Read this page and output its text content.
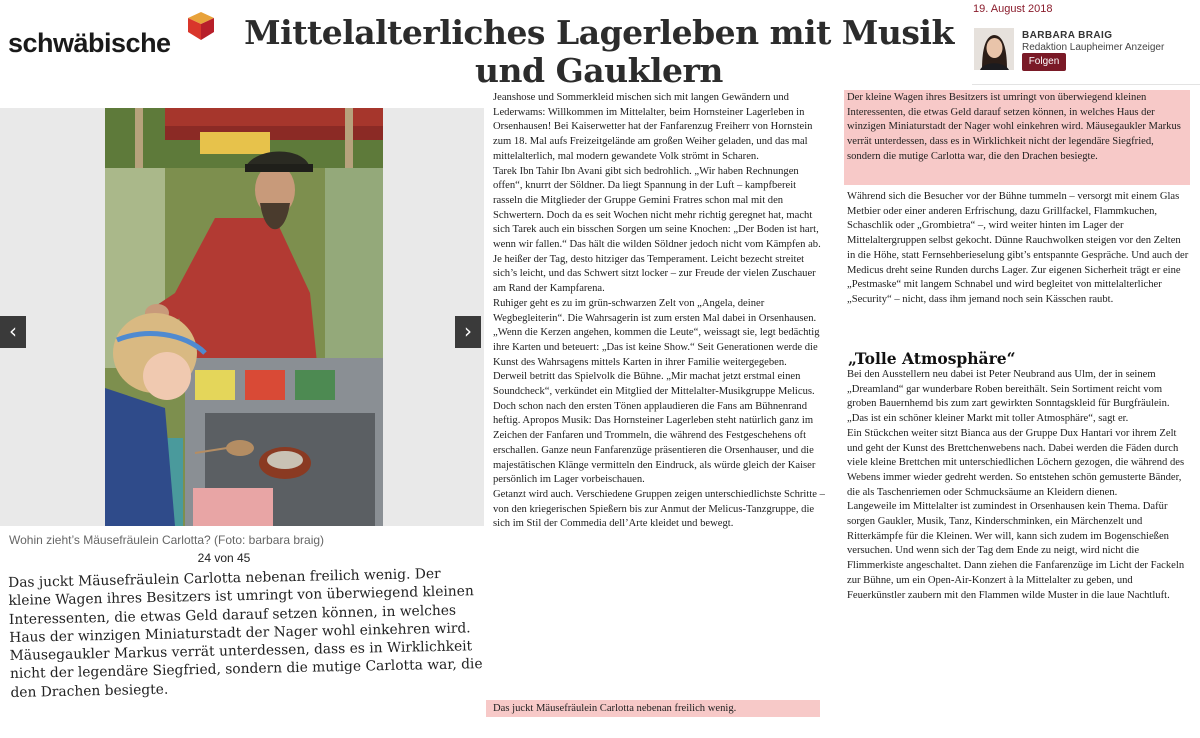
schwäbische Mittelalterliches Lagerleben mit Musik und Gauklern
19. August 2018
BARBARA BRAIG
Redaktion Laupheimer Anzeiger
Folgen
‹	›
Wohin zieht’s Mäusefräulein Carlotta? (Foto: barbara braig)
24 von 45
Das juckt Mäusefräulein Carlotta nebenan freilich wenig. Der kleine Wagen ihres Besitzers ist umringt von überwiegend kleinen Interessenten, die etwas Geld darauf setzen können, in welches Haus der winzigen Miniaturstadt der Nager wohl einkehren wird. Mäusegaukler Markus verrät unterdessen, dass es in Wirklichkeit nicht der legendäre Siegfried, sondern die mutige Carlotta war, die den Drachen besiegte.

Jeanshose und Sommerkleid mischen sich mit langen Gewändern und Lederwams: Willkommen im Mittelalter, beim Hornsteiner Lagerleben in Orsenhausen! Bei Kaiserwetter hat der Fanfarenzug Freiherr von Hornstein zum 18. Mal aufs Freizeitgelände am großen Weiher geladen, und das mal mittelalterlich, mal modern gewandete Volk strömt in Scharen.

Tarek Ibn Tahir Ibn Avani gibt sich bedrohlich. „Wir haben Rechnungen offen“, knurrt der Söldner. Da liegt Spannung in der Luft – kampfbereit rasseln die Mitglieder der Gruppe Gemini Fratres schon mal mit den Schwertern. Doch da es seit Wochen nicht mehr richtig geregnet hat, macht sich Tarek auch ein bisschen Sorgen um seine Knochen: „Der Boden ist hart, wenn wir fallen.“ Das hält die wilden Söldner jedoch nicht vom Kämpfen ab. Je heißer der Tag, desto hitziger das Temperament. Leicht bezecht streitet sich’s leicht, und das Schwert sitzt locker – zur Freude der vielen Zuschauer am Rand der Kampfarena.

Ruhiger geht es zu im grün-schwarzen Zelt von „Angela, deiner Wegbegleiterin“. Die Wahrsagerin ist zum ersten Mal dabei in Orsenhausen. „Wenn die Kerzen angehen, kommen die Leute“, weissagt sie, legt bedächtig ihre Karten und beteuert: „Das ist keine Show.“ Seit Generationen werde die Kunst des Wahrsagens mittels Karten in ihrer Familie weitergegeben.

Derweil betritt das Spielvolk die Bühne. „Mir machat jetzt erstmal einen Soundcheck“, verkündet ein Mitglied der Mittelalter-Musikgruppe Melicus. Doch schon nach den ersten Tönen applaudieren die Fans am Bühnenrand heftig. Apropos Musik: Das Hornsteiner Lagerleben steht natürlich ganz im Zeichen der Fanfaren und Trommeln, die während des Festgeschehens oft erschallen. Ganze neun Fanfarenzüge präsentieren die Orsenhauser, und die majestätischen Klänge vermitteln den Eindruck, als würde gleich der Kaiser persönlich im Lager vorbeischauen.

Getanzt wird auch. Verschiedene Gruppen zeigen unterschiedlichste Schritte – von den kriegerischen Spießern bis zur Anmut der Melicus-Tanzgruppe, die sich im Stil der Commedia dell’Arte kleidet und bewegt.

Das juckt Mäusefräulein Carlotta nebenan freilich wenig.
Der kleine Wagen ihres Besitzers ist umringt von überwiegend kleinen Interessenten, die etwas Geld darauf setzen können, in welches Haus der winzigen Miniaturstadt der Nager wohl einkehren wird. Mäusegaukler Markus verrät unterdessen, dass es in Wirklichkeit nicht der legendäre Siegfried, sondern die mutige Carlotta war, die den Drachen besiegte.

Während sich die Besucher vor der Bühne tummeln – versorgt mit einem Glas Metbier oder einer anderen Erfrischung, dazu Grillfackel, Flammkuchen, Schaschlik oder „Grombietra“ –, wird weiter hinten im Lager der Mittelaltergruppen selbst gekocht. Dünne Rauchwolken steigen vor den Zelten in die Höhe, statt Fernsehberieselung gibt’s entspannte Gespräche. Und auch der Medicus dreht seine Runden durchs Lager. Zur eigenen Sicherheit trägt er eine „Pestmaske“ mit langem Schnabel und wird begleitet von mittelalterlicher „Security“ – nicht, dass ihm jemand noch sein Kässchen raubt.

„Tolle Atmosphäre“

Bei den Ausstellern neu dabei ist Peter Neubrand aus Ulm, der in seinem „Dreamland“ gar wunderbare Roben bereithält. Sein Sortiment reicht vom groben Bauernhemd bis zum zart gewirkten Sonntagskleid für Burgfräulein. „Das ist ein schöner kleiner Markt mit toller Atmosphäre“, sagt er.

Ein Stückchen weiter sitzt Bianca aus der Gruppe Dux Hantari vor ihrem Zelt und geht der Kunst des Brettchenwebens nach. Dabei werden die Fäden durch viele kleine Brettchen mit unterschiedlichen Löchern gezogen, die während des Webens immer wieder gedreht werden. So entstehen schön gemusterte Bänder, die als Taschenriemen oder Schmucksäume an Kleidern dienen.

Langeweile im Mittelalter ist zumindest in Orsenhausen kein Thema. Dafür sorgen Gaukler, Musik, Tanz, Kinderschminken, ein Märchenzelt und Ritterkämpfe für die Kleinen. Wer will, kann sich zudem im Bogenschießen versuchen. Und wenn sich der Tag dem Ende zu neigt, wird nicht die Flimmerkiste angeschaltet. Dann ziehen die Fanfarenzüge im Licht der Fackeln zur Bühne, um ein Open-Air-Konzert à la Mittelalter zu geben, und Feuerkünstler zaubern mit den Flammen wilde Muster in die laue Nachtluft.
